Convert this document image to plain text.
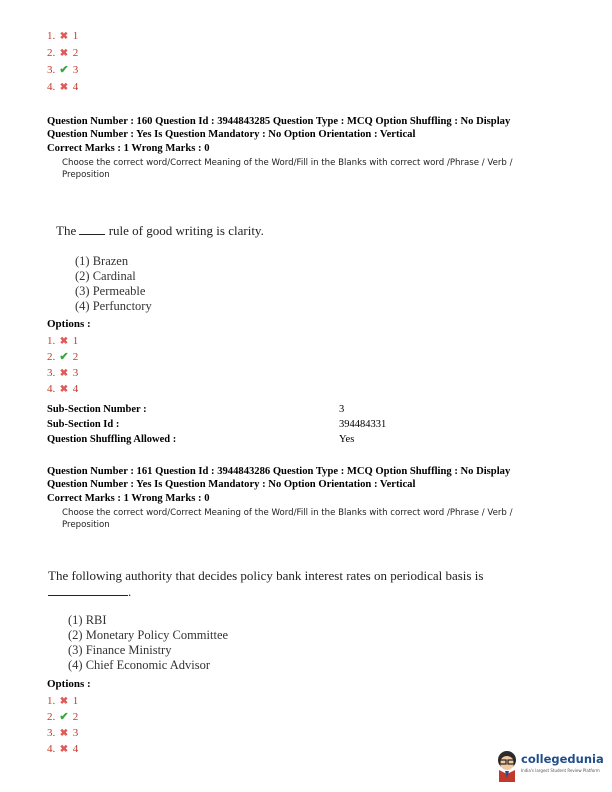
1. ✖ 1
2. ✖ 2
3. ✔ 3
4. ✖ 4
Question Number : 160 Question Id : 3944843285 Question Type : MCQ Option Shuffling : No Display
Question Number : Yes Is Question Mandatory : No Option Orientation : Vertical
Correct Marks : 1 Wrong Marks : 0
Choose the correct word/Correct Meaning of the Word/Fill in the Blanks with correct word /Phrase / Verb /
Preposition
The	rule of good writing is clarity.
(1) Brazen
(2) Cardinal
(3) Permeable
(4) Perfunctory
Options :
1. ✖ 1
2. ✔ 2
3. ✖ 3
4. ✖ 4
Sub-Section Number :
Sub-Section Id :
Question Shuffling Allowed :
3
394484331
Yes
Question Number : 161 Question Id : 3944843286 Question Type : MCQ Option Shuffling : No Display
Question Number : Yes Is Question Mandatory : No Option Orientation : Vertical
Correct Marks : 1 Wrong Marks : 0
Choose the correct word/Correct Meaning of the Word/Fill in the Blanks with correct word /Phrase / Verb /
Preposition
The following authority that decides policy bank interest rates on periodical basis is
.
(1) RBI
(2) Monetary Policy Committee
(3) Finance Ministry
(4) Chief Economic Advisor
Options :
1. ✖ 1
2. ✔ 2
3. ✖ 3
4. ✖ 4
collegedunia
India's largest Student Review Platform
